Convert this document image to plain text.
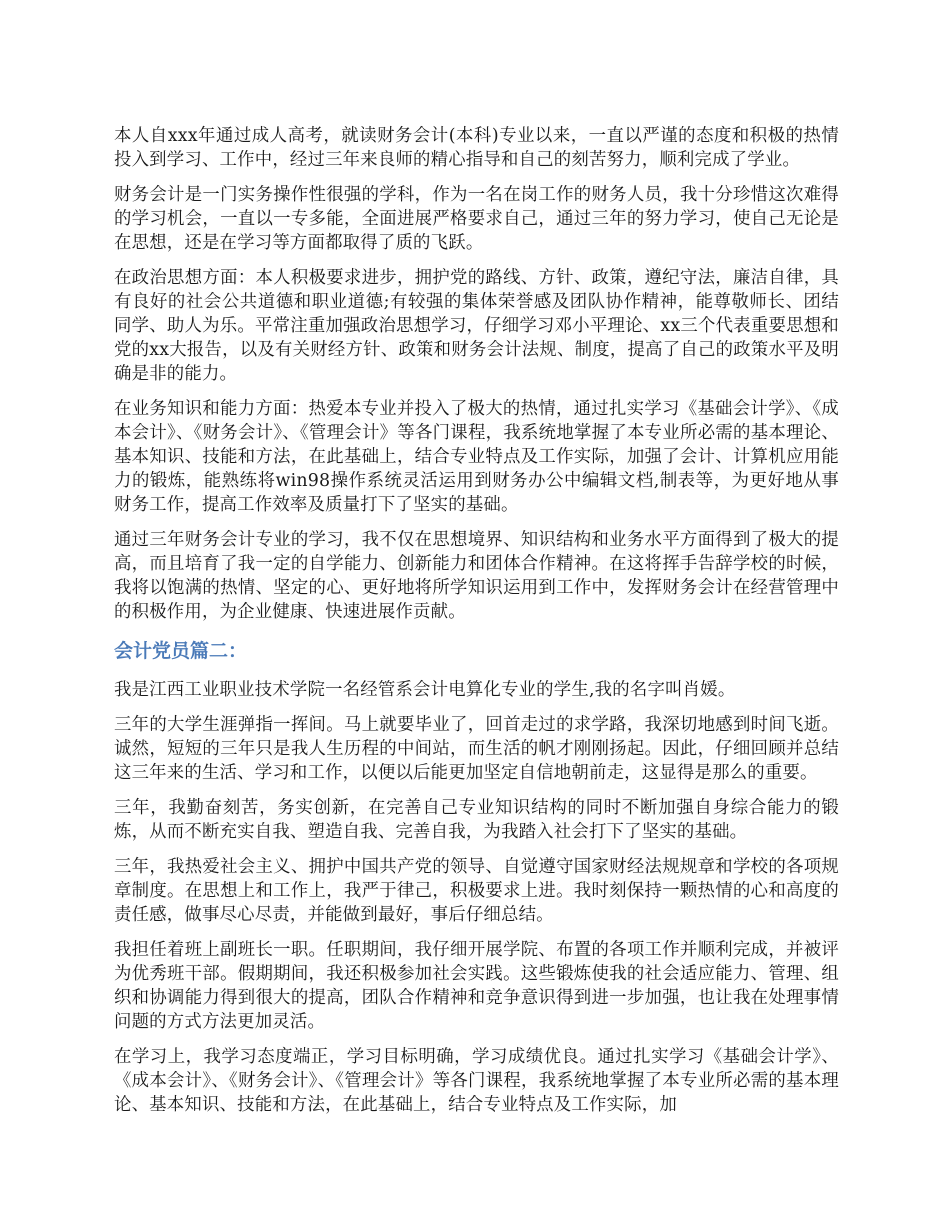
本人自xxx年通过成人高考，就读财务会计(本科)专业以来，一直以严谨的态度和积极的热情投入到学习、工作中，经过三年来良师的精心指导和自己的刻苦努力，顺利完成了学业。

财务会计是一门实务操作性很强的学科，作为一名在岗工作的财务人员，我十分珍惜这次难得的学习机会，一直以一专多能，全面进展严格要求自己，通过三年的努力学习，使自己无论是在思想，还是在学习等方面都取得了质的飞跃。

在政治思想方面：本人积极要求进步，拥护党的路线、方针、政策，遵纪守法，廉洁自律，具有良好的社会公共道德和职业道德;有较强的集体荣誉感及团队协作精神，能尊敬师长、团结同学、助人为乐。平常注重加强政治思想学习，仔细学习邓小平理论、xx三个代表重要思想和党的xx大报告，以及有关财经方针、政策和财务会计法规、制度，提高了自己的政策水平及明确是非的能力。

在业务知识和能力方面：热爱本专业并投入了极大的热情，通过扎实学习《基础会计学》、《成本会计》、《财务会计》、《管理会计》等各门课程，我系统地掌握了本专业所必需的基本理论、基本知识、技能和方法，在此基础上，结合专业特点及工作实际，加强了会计、计算机应用能力的锻炼，能熟练将win98操作系统灵活运用到财务办公中编辑文档,制表等，为更好地从事财务工作，提高工作效率及质量打下了坚实的基础。

通过三年财务会计专业的学习，我不仅在思想境界、知识结构和业务水平方面得到了极大的提高，而且培育了我一定的自学能力、创新能力和团体合作精神。在这将挥手告辞学校的时候，我将以饱满的热情、坚定的心、更好地将所学知识运用到工作中，发挥财务会计在经营管理中的积极作用，为企业健康、快速进展作贡献。

会计党员篇二：

我是江西工业职业技术学院一名经管系会计电算化专业的学生,我的名字叫肖媛。

三年的大学生涯弹指一挥间。马上就要毕业了，回首走过的求学路，我深切地感到时间飞逝。诚然，短短的三年只是我人生历程的中间站，而生活的帆才刚刚扬起。因此，仔细回顾并总结这三年来的生活、学习和工作，以便以后能更加坚定自信地朝前走，这显得是那么的重要。

三年，我勤奋刻苦，务实创新，在完善自己专业知识结构的同时不断加强自身综合能力的锻炼，从而不断充实自我、塑造自我、完善自我，为我踏入社会打下了坚实的基础。

三年，我热爱社会主义、拥护中国共产党的领导、自觉遵守国家财经法规规章和学校的各项规章制度。在思想上和工作上，我严于律己，积极要求上进。我时刻保持一颗热情的心和高度的责任感，做事尽心尽责，并能做到最好，事后仔细总结。

我担任着班上副班长一职。任职期间，我仔细开展学院、布置的各项工作并顺利完成，并被评为优秀班干部。假期期间，我还积极参加社会实践。这些锻炼使我的社会适应能力、管理、组织和协调能力得到很大的提高，团队合作精神和竞争意识得到进一步加强，也让我在处理事情问题的方式方法更加灵活。

在学习上，我学习态度端正，学习目标明确，学习成绩优良。通过扎实学习《基础会计学》、《成本会计》、《财务会计》、《管理会计》等各门课程，我系统地掌握了本专业所必需的基本理论、基本知识、技能和方法，在此基础上，结合专业特点及工作实际，加
